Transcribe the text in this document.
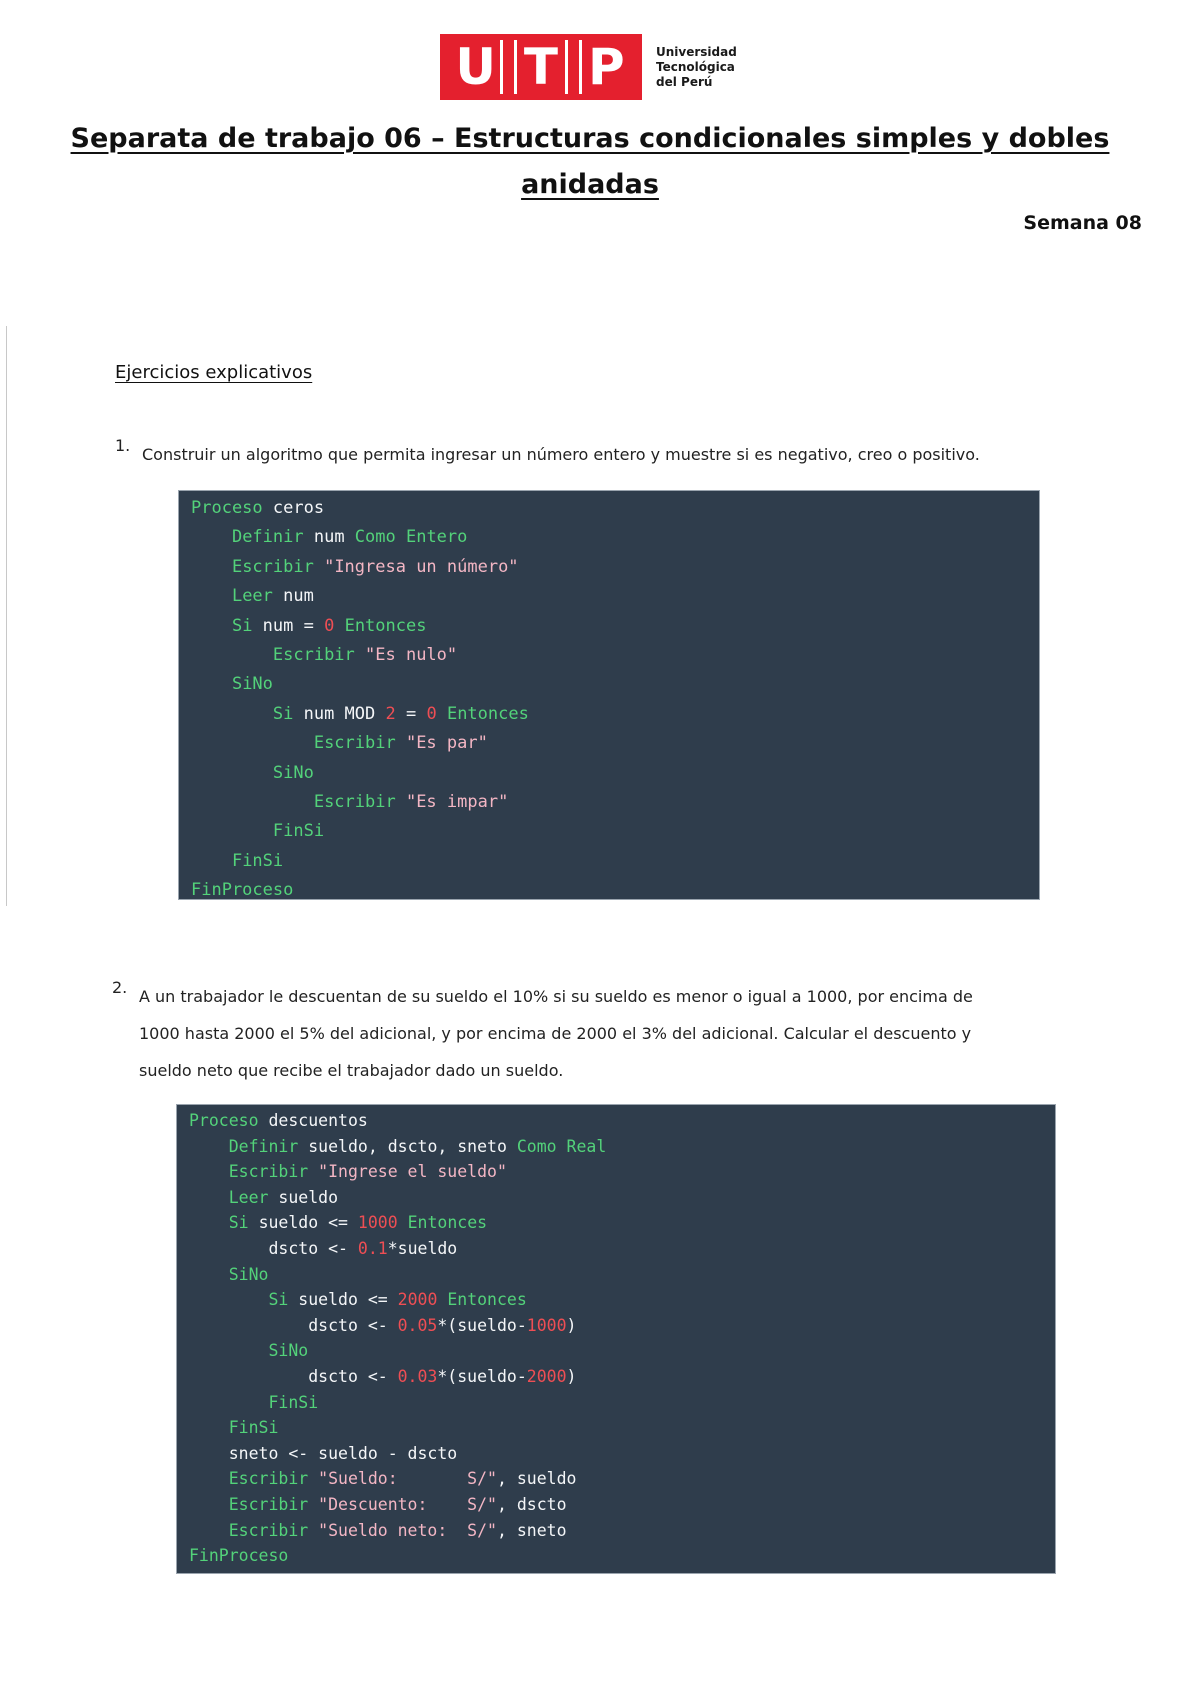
U T P	Universidad
Tecnológica
del Perú
Separata de trabajo 06 – Estructuras condicionales simples y dobles
anidadas
Semana 08
Ejercicios explicativos
1. Construir un algoritmo que permita ingresar un número entero y muestre si es negativo, creo o positivo.
Proceso ceros
Definir num Como Entero
Escribir "Ingresa un número"
Leer num
Si num = 0 Entonces
Escribir "Es nulo"
SiNo
Si num MOD 2 = 0 Entonces
Escribir "Es par"
SiNo
Escribir "Es impar"
FinSi
FinSi
FinProceso
2. A un trabajador le descuentan de su sueldo el 10% si su sueldo es menor o igual a 1000, por encima de
1000 hasta 2000 el 5% del adicional, y por encima de 2000 el 3% del adicional. Calcular el descuento y
sueldo neto que recibe el trabajador dado un sueldo.
Proceso descuentos
Definir sueldo, dscto, sneto Como Real
Escribir "Ingrese el sueldo"
Leer sueldo
Si sueldo <= 1000 Entonces
dscto <- 0.1*sueldo
SiNo
Si sueldo <= 2000 Entonces
dscto <- 0.05*(sueldo-1000)
SiNo
dscto <- 0.03*(sueldo-2000)
FinSi
FinSi
sneto <- sueldo - dscto
Escribir "Sueldo:       S/", sueldo
Escribir "Descuento:    S/", dscto
Escribir "Sueldo neto:  S/", sneto
FinProceso
